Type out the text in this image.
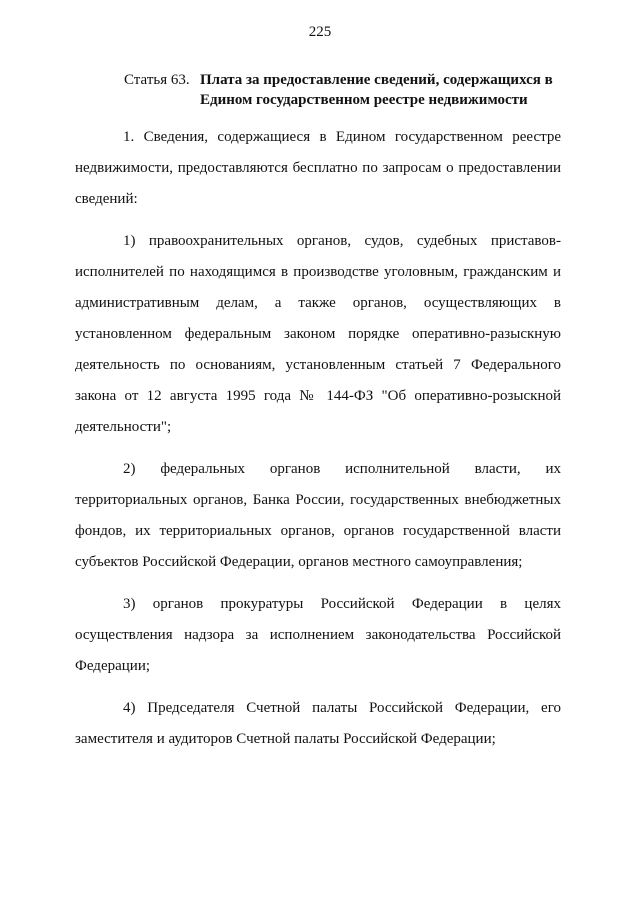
225
Статья 63. Плата за предоставление сведений, содержащихся в Едином государственном реестре недвижимости

1. Сведения, содержащиеся в Едином государственном реестре недвижимости, предоставляются бесплатно по запросам о предоставлении сведений:

1) правоохранительных органов, судов, судебных приставов-исполнителей по находящимся в производстве уголовным, гражданским и административным делам, а также органов, осуществляющих в установленном федеральным законом порядке оперативно-разыскную деятельность по основаниям, установленным статьей 7 Федерального закона от 12 августа 1995 года № 144-ФЗ "Об оперативно-розыскной деятельности";

2) федеральных органов исполнительной власти, их территориальных органов, Банка России, государственных внебюджетных фондов, их территориальных органов, органов государственной власти субъектов Российской Федерации, органов местного самоуправления;

3) органов прокуратуры Российской Федерации в целях осуществления надзора за исполнением законодательства Российской Федерации;

4) Председателя Счетной палаты Российской Федерации, его заместителя и аудиторов Счетной палаты Российской Федерации;
